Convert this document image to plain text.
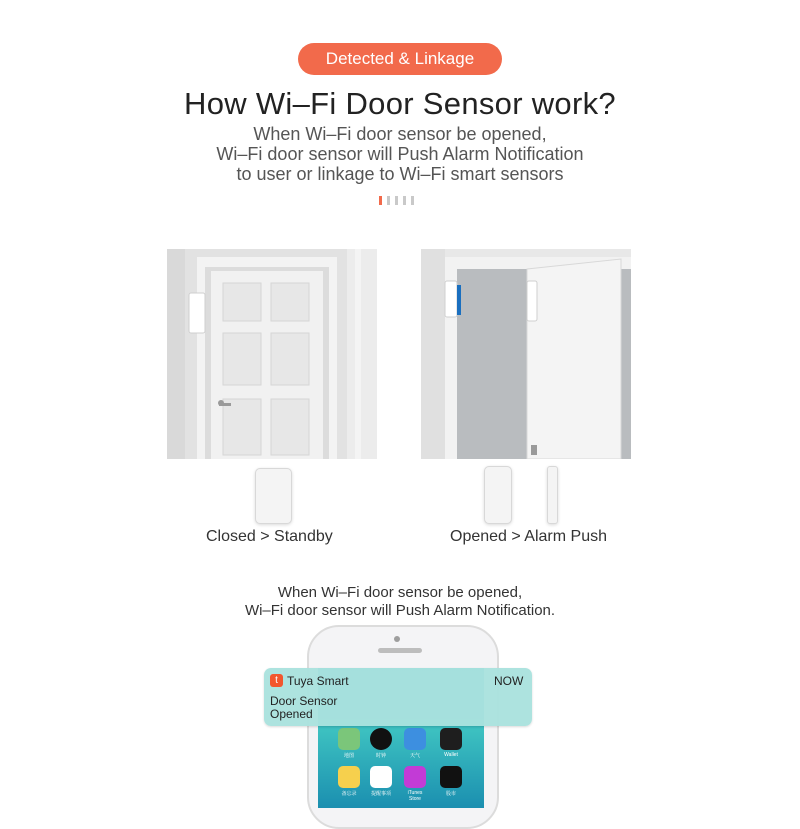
Detected & Linkage
How Wi–Fi Door Sensor work?
When Wi–Fi door sensor be opened,
Wi–Fi door sensor will Push Alarm Notification
to user or linkage to Wi–Fi smart sensors
Closed > Standby	Opened > Alarm Push
When Wi–Fi door sensor be opened,
Wi–Fi door sensor will Push Alarm Notification.
地图	时钟	天气	Wallet
备忘录	提醒事项	iTunes Store
股市
t Tuya Smart	NOW
Door Sensor
Opened
